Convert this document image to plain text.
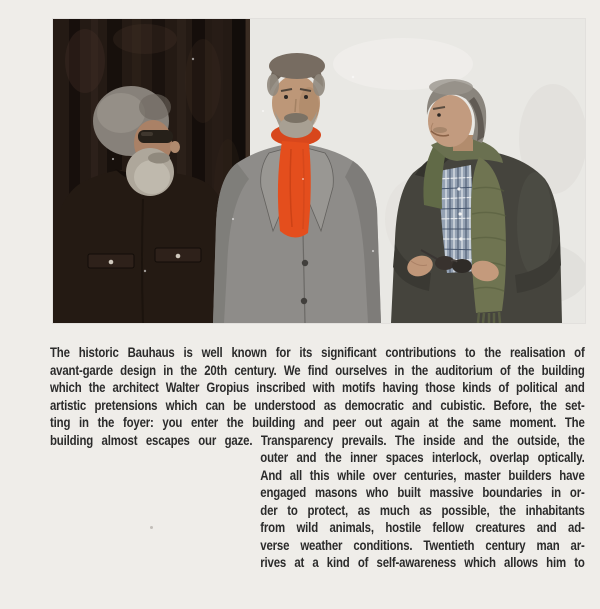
The historic Bauhaus is well known for its significant contributions to the realisation of
avant-garde design in the 20th century. We find ourselves in the auditorium of the building
which the architect Walter Gropius inscribed with motifs having those kinds of political and
artistic pretensions which can be understood as democratic and cubistic. Before, the set-
ting in the foyer: you enter the building and peer out again at the same moment. The
building almost escapes our gaze. Transparency prevails. The inside and the outside, the
outer and the inner spaces interlock, overlap optically.
And all this while over centuries, master builders have
engaged masons who built massive boundaries in or-
der to protect, as much as possible, the inhabitants
from wild animals, hostile fellow creatures and ad-
verse weather conditions. Twentieth century man ar-
rives at a kind of self-awareness which allows him to
